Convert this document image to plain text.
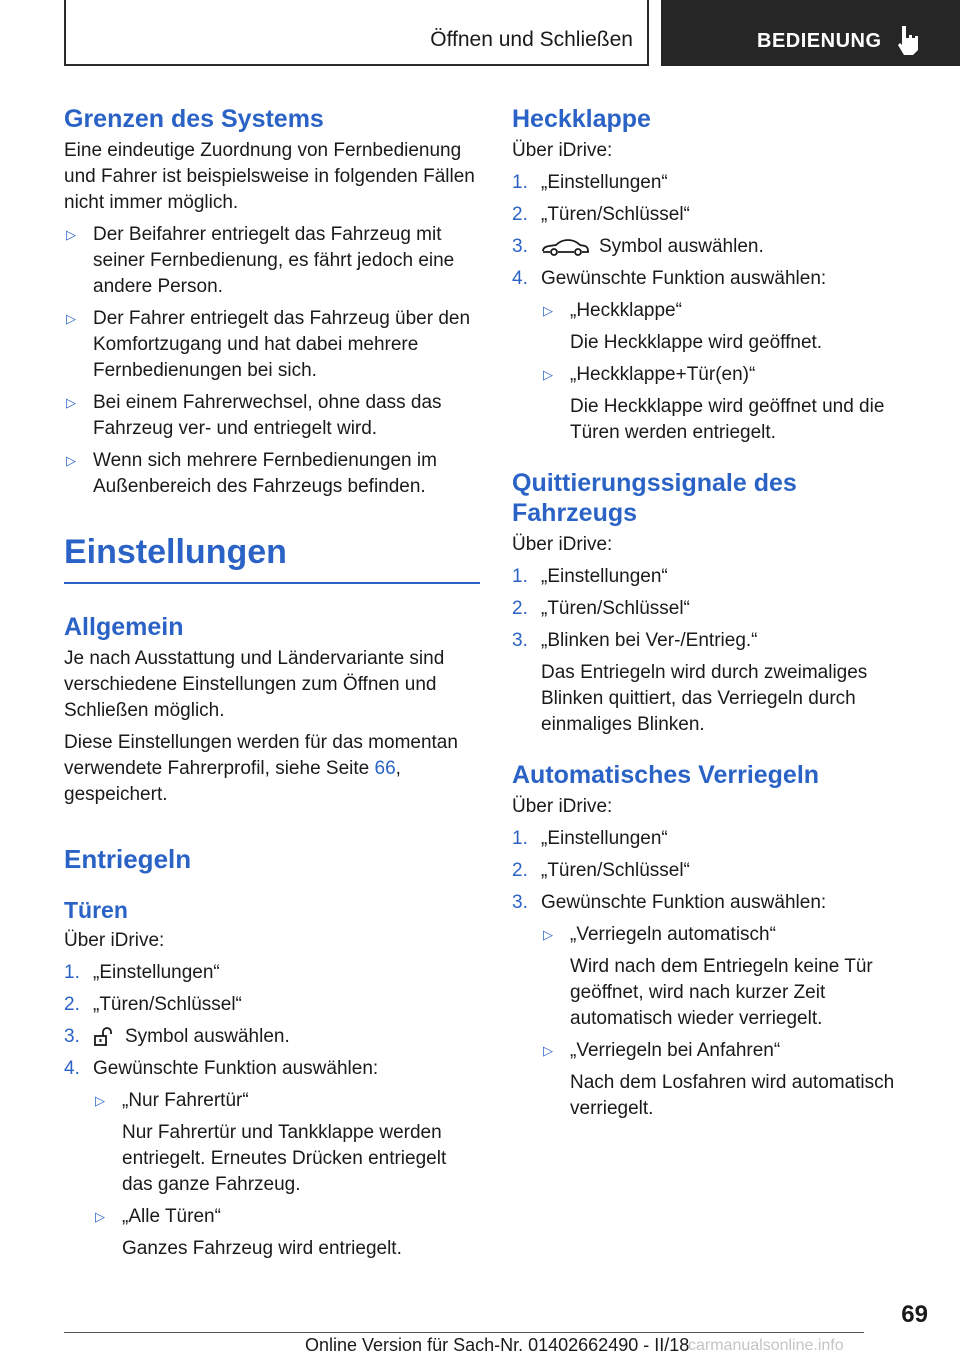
Öffnen und Schließen	BEDIENUNG
Grenzen des Systems

Eine eindeutige Zuordnung von Fernbedienung und Fahrer ist beispielsweise in folgenden Fällen nicht immer möglich.

▷ Der Beifahrer entriegelt das Fahrzeug mit seiner Fernbedienung, es fährt jedoch eine andere Person.
▷ Der Fahrer entriegelt das Fahrzeug über den Komfortzugang und hat dabei mehrere Fernbedienungen bei sich.
▷ Bei einem Fahrerwechsel, ohne dass das Fahrzeug ver- und entriegelt wird.
▷ Wenn sich mehrere Fernbedienungen im Außenbereich des Fahrzeugs befinden.
Einstellungen
Allgemein

Je nach Ausstattung und Ländervariante sind verschiedene Einstellungen zum Öffnen und Schließen möglich.

Diese Einstellungen werden für das momentan verwendete Fahrerprofil, siehe Seite 66, gespeichert.

Entriegeln
Türen

Über iDrive:

1. „Einstellungen“
2. „Türen/Schlüssel“
3. Symbol auswählen.
4. Gewünschte Funktion auswählen:
▷ „Nur Fahrertür“

Nur Fahrertür und Tankklappe werden entriegelt. Erneutes Drücken entriegelt das ganze Fahrzeug.

▷ „Alle Türen“

Ganzes Fahrzeug wird entriegelt.

Heckklappe

Über iDrive:

1. „Einstellungen“
2. „Türen/Schlüssel“
3.	Symbol auswählen.
4. Gewünschte Funktion auswählen:
▷ „Heckklappe“

Die Heckklappe wird geöffnet.

▷ „Heckklappe+Tür(en)“

Die Heckklappe wird geöffnet und die Türen werden entriegelt.

Quittierungssignale des
Fahrzeugs

Über iDrive:

1. „Einstellungen“
2. „Türen/Schlüssel“
3. „Blinken bei Ver-/Entrieg.“

Das Entriegeln wird durch zweimaliges Blinken quittiert, das Verriegeln durch einmaliges Blinken.

Automatisches Verriegeln

Über iDrive:

1. „Einstellungen“
2. „Türen/Schlüssel“
3. Gewünschte Funktion auswählen:
▷ „Verriegeln automatisch“

Wird nach dem Entriegeln keine Tür geöffnet, wird nach kurzer Zeit automatisch wieder verriegelt.

▷ „Verriegeln bei Anfahren“

Nach dem Losfahren wird automatisch verriegelt.

69
Online Version für Sach-Nr. 01402662490 - II/18
carmanualsonline.info
